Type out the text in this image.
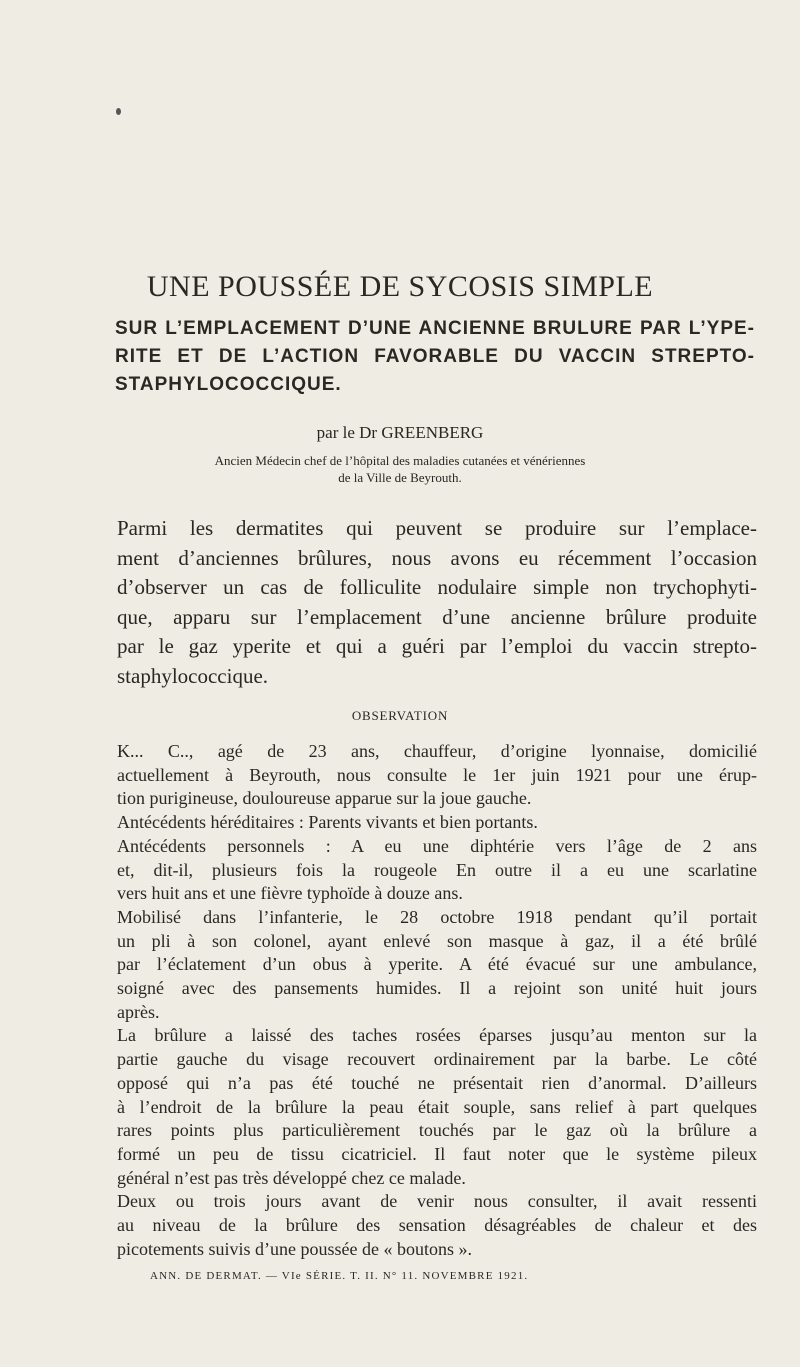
UNE POUSSÉE DE SYCOSIS SIMPLE
SUR L’EMPLACEMENT D’UNE ANCIENNE BRULURE PAR L’YPE-
RITE ET DE L’ACTION FAVORABLE DU VACCIN STREPTO-
STAPHYLOCOCCIQUE.
par le Dr GREENBERG
Ancien Médecin chef de l’hôpital des maladies cutanées et vénériennes
de la Ville de Beyrouth.
Parmi les dermatites qui peuvent se produire sur l’emplace-
ment d’anciennes brûlures, nous avons eu récemment l’occasion
d’observer un cas de folliculite nodulaire simple non trychophyti-
que, apparu sur l’emplacement d’une ancienne brûlure produite
par le gaz yperite et qui a guéri par l’emploi du vaccin strepto-
staphylococcique.
OBSERVATION
K... C.., agé de 23 ans, chauffeur, d’origine lyonnaise, domicilié
actuellement à Beyrouth, nous consulte le 1er juin 1921 pour une érup-
tion purigineuse, douloureuse apparue sur la joue gauche.
Antécédents héréditaires : Parents vivants et bien portants.
Antécédents personnels : A eu une diphtérie vers l’âge de 2 ans
et, dit-il, plusieurs fois la rougeole En outre il a eu une scarlatine
vers huit ans et une fièvre typhoïde à douze ans.
Mobilisé dans l’infanterie, le 28 octobre 1918 pendant qu’il portait
un pli à son colonel, ayant enlevé son masque à gaz, il a été brûlé
par l’éclatement d’un obus à yperite. A été évacué sur une ambulance,
soigné avec des pansements humides. Il a rejoint son unité huit jours
après.
La brûlure a laissé des taches rosées éparses jusqu’au menton sur la
partie gauche du visage recouvert ordinairement par la barbe. Le côté
opposé qui n’a pas été touché ne présentait rien d’anormal. D’ailleurs
à l’endroit de la brûlure la peau était souple, sans relief à part quelques
rares points plus particulièrement touchés par le gaz où la brûlure a
formé un peu de tissu cicatriciel. Il faut noter que le système pileux
général n’est pas très développé chez ce malade.
Deux ou trois jours avant de venir nous consulter, il avait ressenti
au niveau de la brûlure des sensation désagréables de chaleur et des
picotements suivis d’une poussée de « boutons ».
ANN. DE DERMAT. — VIe SÉRIE. T. II. N° 11. NOVEMBRE 1921.
